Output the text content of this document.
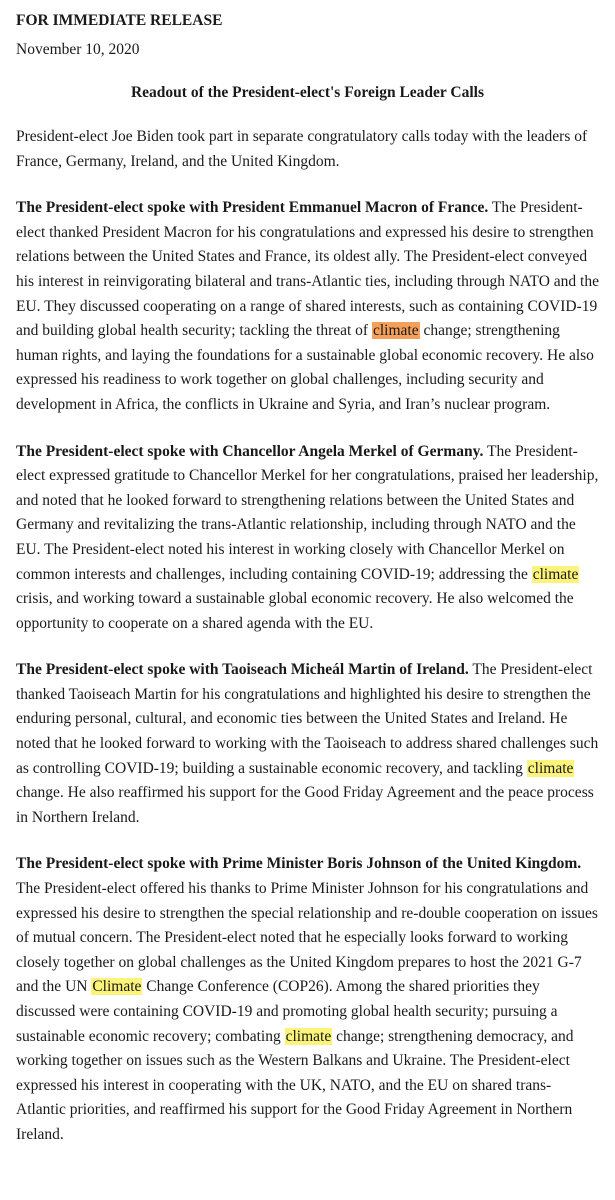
FOR IMMEDIATE RELEASE

November 10, 2020

Readout of the President-elect's Foreign Leader Calls

President-elect Joe Biden took part in separate congratulatory calls today with the leaders of France, Germany, Ireland, and the United Kingdom.

The President-elect spoke with President Emmanuel Macron of France. The President-elect thanked President Macron for his congratulations and expressed his desire to strengthen relations between the United States and France, its oldest ally. The President-elect conveyed his interest in reinvigorating bilateral and trans-Atlantic ties, including through NATO and the EU. They discussed cooperating on a range of shared interests, such as containing COVID-19 and building global health security; tackling the threat of climate change; strengthening human rights, and laying the foundations for a sustainable global economic recovery. He also expressed his readiness to work together on global challenges, including security and development in Africa, the conflicts in Ukraine and Syria, and Iran’s nuclear program.

The President-elect spoke with Chancellor Angela Merkel of Germany. The President-elect expressed gratitude to Chancellor Merkel for her congratulations, praised her leadership, and noted that he looked forward to strengthening relations between the United States and Germany and revitalizing the trans-Atlantic relationship, including through NATO and the EU. The President-elect noted his interest in working closely with Chancellor Merkel on common interests and challenges, including containing COVID-19; addressing the climate crisis, and working toward a sustainable global economic recovery. He also welcomed the opportunity to cooperate on a shared agenda with the EU.

The President-elect spoke with Taoiseach Micheál Martin of Ireland. The President-elect thanked Taoiseach Martin for his congratulations and highlighted his desire to strengthen the enduring personal, cultural, and economic ties between the United States and Ireland. He noted that he looked forward to working with the Taoiseach to address shared challenges such as controlling COVID-19; building a sustainable economic recovery, and tackling climate change. He also reaffirmed his support for the Good Friday Agreement and the peace process in Northern Ireland.

The President-elect spoke with Prime Minister Boris Johnson of the United Kingdom. The President-elect offered his thanks to Prime Minister Johnson for his congratulations and expressed his desire to strengthen the special relationship and re-double cooperation on issues of mutual concern. The President-elect noted that he especially looks forward to working closely together on global challenges as the United Kingdom prepares to host the 2021 G-7 and the UN Climate Change Conference (COP26). Among the shared priorities they discussed were containing COVID-19 and promoting global health security; pursuing a sustainable economic recovery; combating climate change; strengthening democracy, and working together on issues such as the Western Balkans and Ukraine. The President-elect expressed his interest in cooperating with the UK, NATO, and the EU on shared trans-Atlantic priorities, and reaffirmed his support for the Good Friday Agreement in Northern Ireland.
